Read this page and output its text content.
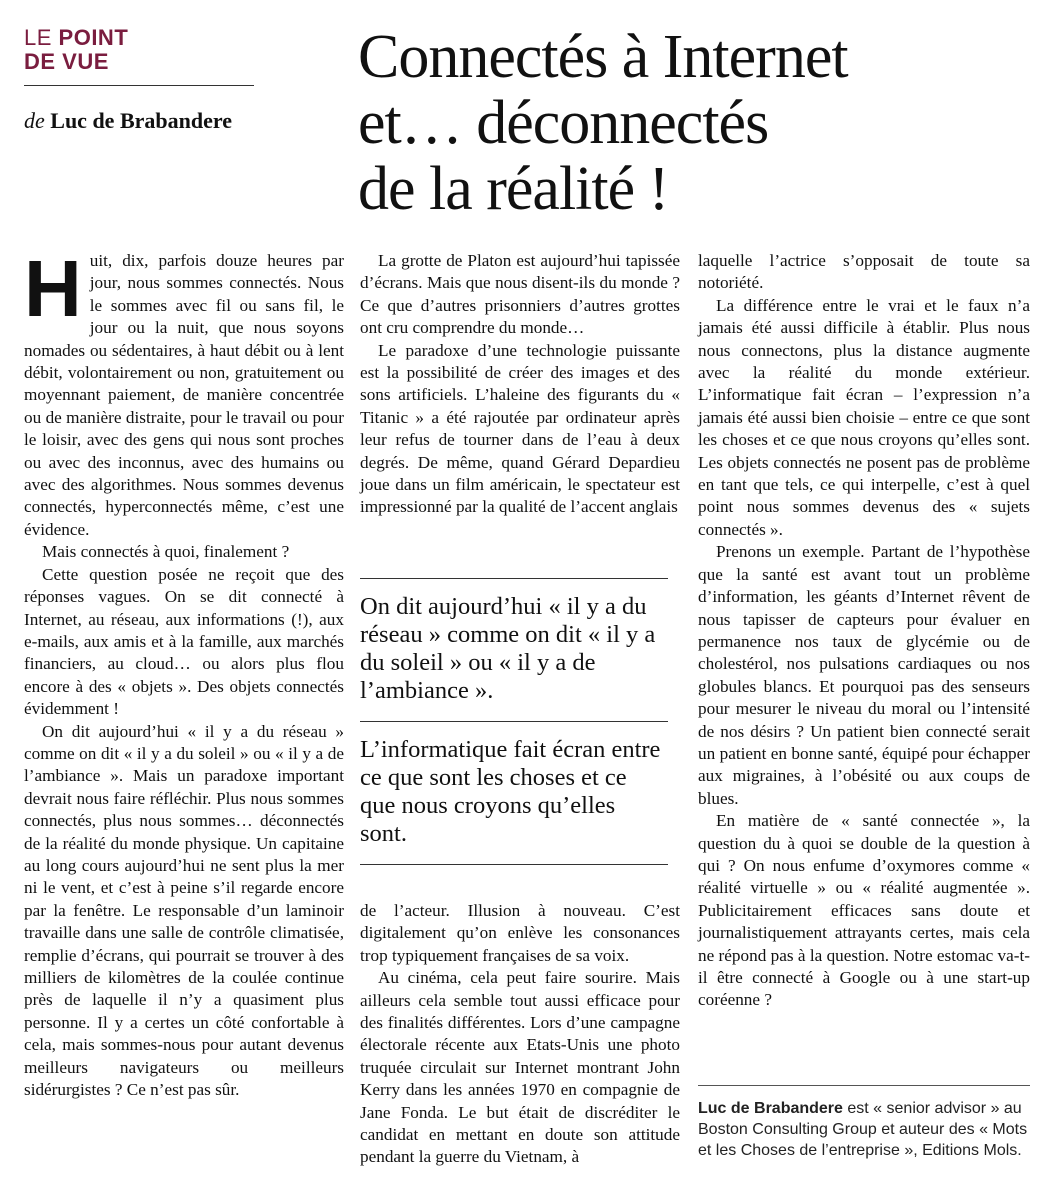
LE POINT
DE VUE
de Luc de Brabandere
Connectés à Internet
et… déconnectés
de la réalité !

Huit, dix, parfois douze heures par jour, nous sommes connectés. Nous le sommes avec fil ou sans fil, le jour ou la nuit, que nous soyons nomades ou sédentaires, à haut débit ou à lent débit, volontairement ou non, gratuitement ou moyennant paiement, de manière concentrée ou de manière distraite, pour le travail ou pour le loisir, avec des gens qui nous sont proches ou avec des inconnus, avec des humains ou avec des algorithmes. Nous sommes devenus connectés, hyperconnectés même, c’est une évidence.

Mais connectés à quoi, finalement ?

Cette question posée ne reçoit que des réponses vagues. On se dit connecté à Internet, au réseau, aux informations (!), aux e-mails, aux amis et à la famille, aux marchés financiers, au cloud… ou alors plus flou encore à des « objets ». Des objets connectés évidemment !

On dit aujourd’hui « il y a du réseau » comme on dit « il y a du soleil » ou « il y a de l’ambiance ». Mais un paradoxe important devrait nous faire réfléchir. Plus nous sommes connectés, plus nous sommes… déconnectés de la réalité du monde physique. Un capitaine au long cours aujourd’hui ne sent plus la mer ni le vent, et c’est à peine s’il regarde encore par la fenêtre. Le responsable d’un laminoir travaille dans une salle de contrôle climatisée, remplie d’écrans, qui pourrait se trouver à des milliers de kilomètres de la coulée continue près de laquelle il n’y a quasiment plus personne. Il y a certes un côté confortable à cela, mais sommes-nous pour autant devenus meilleurs navigateurs ou meilleurs sidérurgistes ? Ce n’est pas sûr.

La grotte de Platon est aujourd’hui tapissée d’écrans. Mais que nous disent-ils du monde ? Ce que d’autres prisonniers d’autres grottes ont cru comprendre du monde…

Le paradoxe d’une technologie puissante est la possibilité de créer des images et des sons artificiels. L’haleine des figurants du « Titanic » a été rajoutée par ordinateur après leur refus de tourner dans de l’eau à deux degrés. De même, quand Gérard Depardieu joue dans un film américain, le spectateur est impressionné par la qualité de l’accent anglais

On dit aujourd’hui « il y a du réseau » comme on dit « il y a du soleil » ou « il y a de l’ambiance ».
L’informatique fait écran entre ce que sont les choses et ce que nous croyons qu’elles sont.

de l’acteur. Illusion à nouveau. C’est digitalement qu’on enlève les consonances trop typiquement françaises de sa voix.

Au cinéma, cela peut faire sourire. Mais ailleurs cela semble tout aussi efficace pour des finalités différentes. Lors d’une campagne électorale récente aux Etats-Unis une photo truquée circulait sur Internet montrant John Kerry dans les années 1970 en compagnie de Jane Fonda. Le but était de discréditer le candidat en mettant en doute son attitude pendant la guerre du Vietnam, à

laquelle l’actrice s’opposait de toute sa notoriété.

La différence entre le vrai et le faux n’a jamais été aussi difficile à établir. Plus nous nous connectons, plus la distance augmente avec la réalité du monde extérieur. L’informatique fait écran – l’expression n’a jamais été aussi bien choisie – entre ce que sont les choses et ce que nous croyons qu’elles sont. Les objets connectés ne posent pas de problème en tant que tels, ce qui interpelle, c’est à quel point nous sommes devenus des « sujets connectés ».

Prenons un exemple. Partant de l’hypothèse que la santé est avant tout un problème d’information, les géants d’Internet rêvent de nous tapisser de capteurs pour évaluer en permanence nos taux de glycémie ou de cholestérol, nos pulsations cardiaques ou nos globules blancs. Et pourquoi pas des senseurs pour mesurer le niveau du moral ou l’intensité de nos désirs ? Un patient bien connecté serait un patient en bonne santé, équipé pour échapper aux migraines, à l’obésité ou aux coups de blues.

En matière de « santé connectée », la question du à quoi se double de la question à qui ? On nous enfume d’oxymores comme « réalité virtuelle » ou « réalité augmentée ». Publicitairement efficaces sans doute et journalistiquement attrayants certes, mais cela ne répond pas à la question. Notre estomac va-t-il être connecté à Google ou à une start-up coréenne ?

Luc de Brabandere est « senior advisor » au Boston Consulting Group et auteur des « Mots et les Choses de l’entreprise », Editions Mols.
